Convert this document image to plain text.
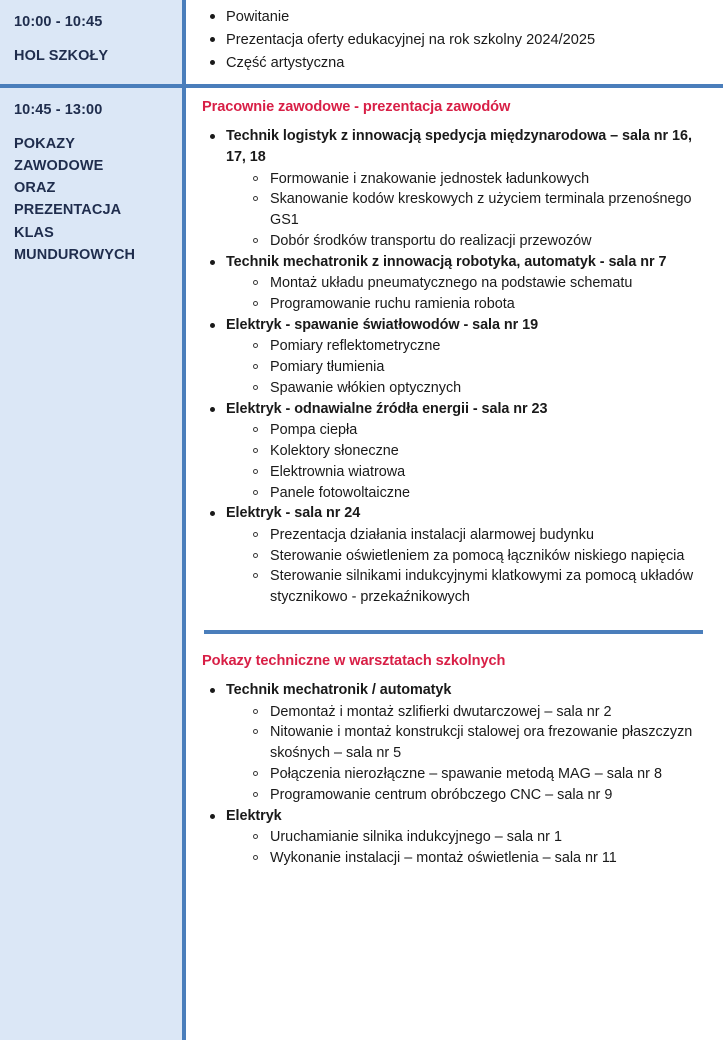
10:00 - 10:45
HOL SZKOŁY
Powitanie
Prezentacja oferty edukacyjnej na rok szkolny 2024/2025
Część artystyczna
10:45 - 13:00
POKAZY
ZAWODOWE
ORAZ
PREZENTACJA
KLAS
MUNDUROWYCH
Pracownie zawodowe - prezentacja zawodów
Technik logistyk z innowacją spedycja międzynarodowa – sala nr 16, 17, 18
Formowanie i znakowanie jednostek ładunkowych
Skanowanie kodów kreskowych z użyciem terminala przenośnego GS1
Dobór środków transportu do realizacji przewozów
Technik mechatronik z innowacją robotyka, automatyk - sala nr 7
Montaż układu pneumatycznego na podstawie schematu
Programowanie ruchu ramienia robota
Elektryk - spawanie światłowodów - sala nr 19
Pomiary reflektometryczne
Pomiary tłumienia
Spawanie włókien optycznych
Elektryk - odnawialne źródła energii - sala nr 23
Pompa ciepła
Kolektory słoneczne
Elektrownia wiatrowa
Panele fotowoltaiczne
Elektryk - sala nr 24
Prezentacja działania instalacji alarmowej budynku
Sterowanie oświetleniem za pomocą łączników niskiego napięcia
Sterowanie silnikami indukcyjnymi klatkowymi za pomocą układów stycznikowo - przekaźnikowych
Pokazy techniczne w warsztatach szkolnych
Technik mechatronik / automatyk
Demontaż i montaż szlifierki dwutarczowej – sala nr 2
Nitowanie i montaż konstrukcji stalowej ora frezowanie płaszczyzn skośnych – sala nr 5
Połączenia nierozłączne – spawanie metodą MAG – sala nr 8
Programowanie centrum obróbczego CNC – sala nr 9
Elektryk
Uruchamianie silnika indukcyjnego – sala nr 1
Wykonanie instalacji – montaż oświetlenia – sala nr 11
